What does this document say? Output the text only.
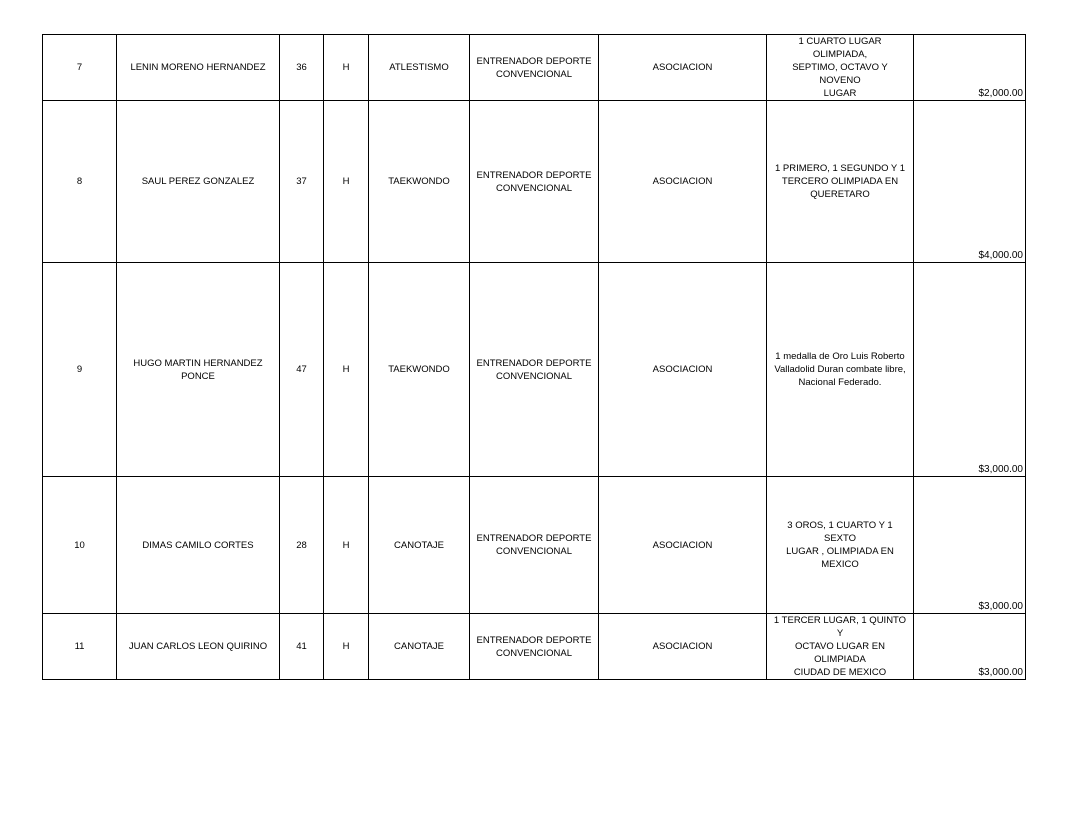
7	LENIN MORENO HERNANDEZ	36	H	ATLESTISMO	ENTRENADOR DEPORTE
CONVENCIONAL	ASOCIACION	1 CUARTO LUGAR OLIMPIADA,
SEPTIMO, OCTAVO Y NOVENO
LUGAR	$2,000.00
8	SAUL PEREZ GONZALEZ	37	H	TAEKWONDO	ENTRENADOR DEPORTE
CONVENCIONAL	ASOCIACION	1 PRIMERO, 1 SEGUNDO Y 1
TERCERO OLIMPIADA EN
QUERETARO	$4,000.00
9	HUGO MARTIN HERNANDEZ PONCE	47	H	TAEKWONDO	ENTRENADOR DEPORTE
CONVENCIONAL	ASOCIACION	1 medalla de Oro Luis Roberto
Valladolid Duran combate libre,
Nacional Federado.	$3,000.00
10	DIMAS CAMILO CORTES	28	H	CANOTAJE	ENTRENADOR DEPORTE
CONVENCIONAL	ASOCIACION	3 OROS, 1 CUARTO Y 1 SEXTO
LUGAR , OLIMPIADA EN MEXICO	$3,000.00
11	JUAN CARLOS LEON QUIRINO	41	H	CANOTAJE	ENTRENADOR DEPORTE
CONVENCIONAL	ASOCIACION	1 TERCER LUGAR, 1 QUINTO Y
OCTAVO LUGAR EN OLIMPIADA
CIUDAD DE MEXICO	$3,000.00
